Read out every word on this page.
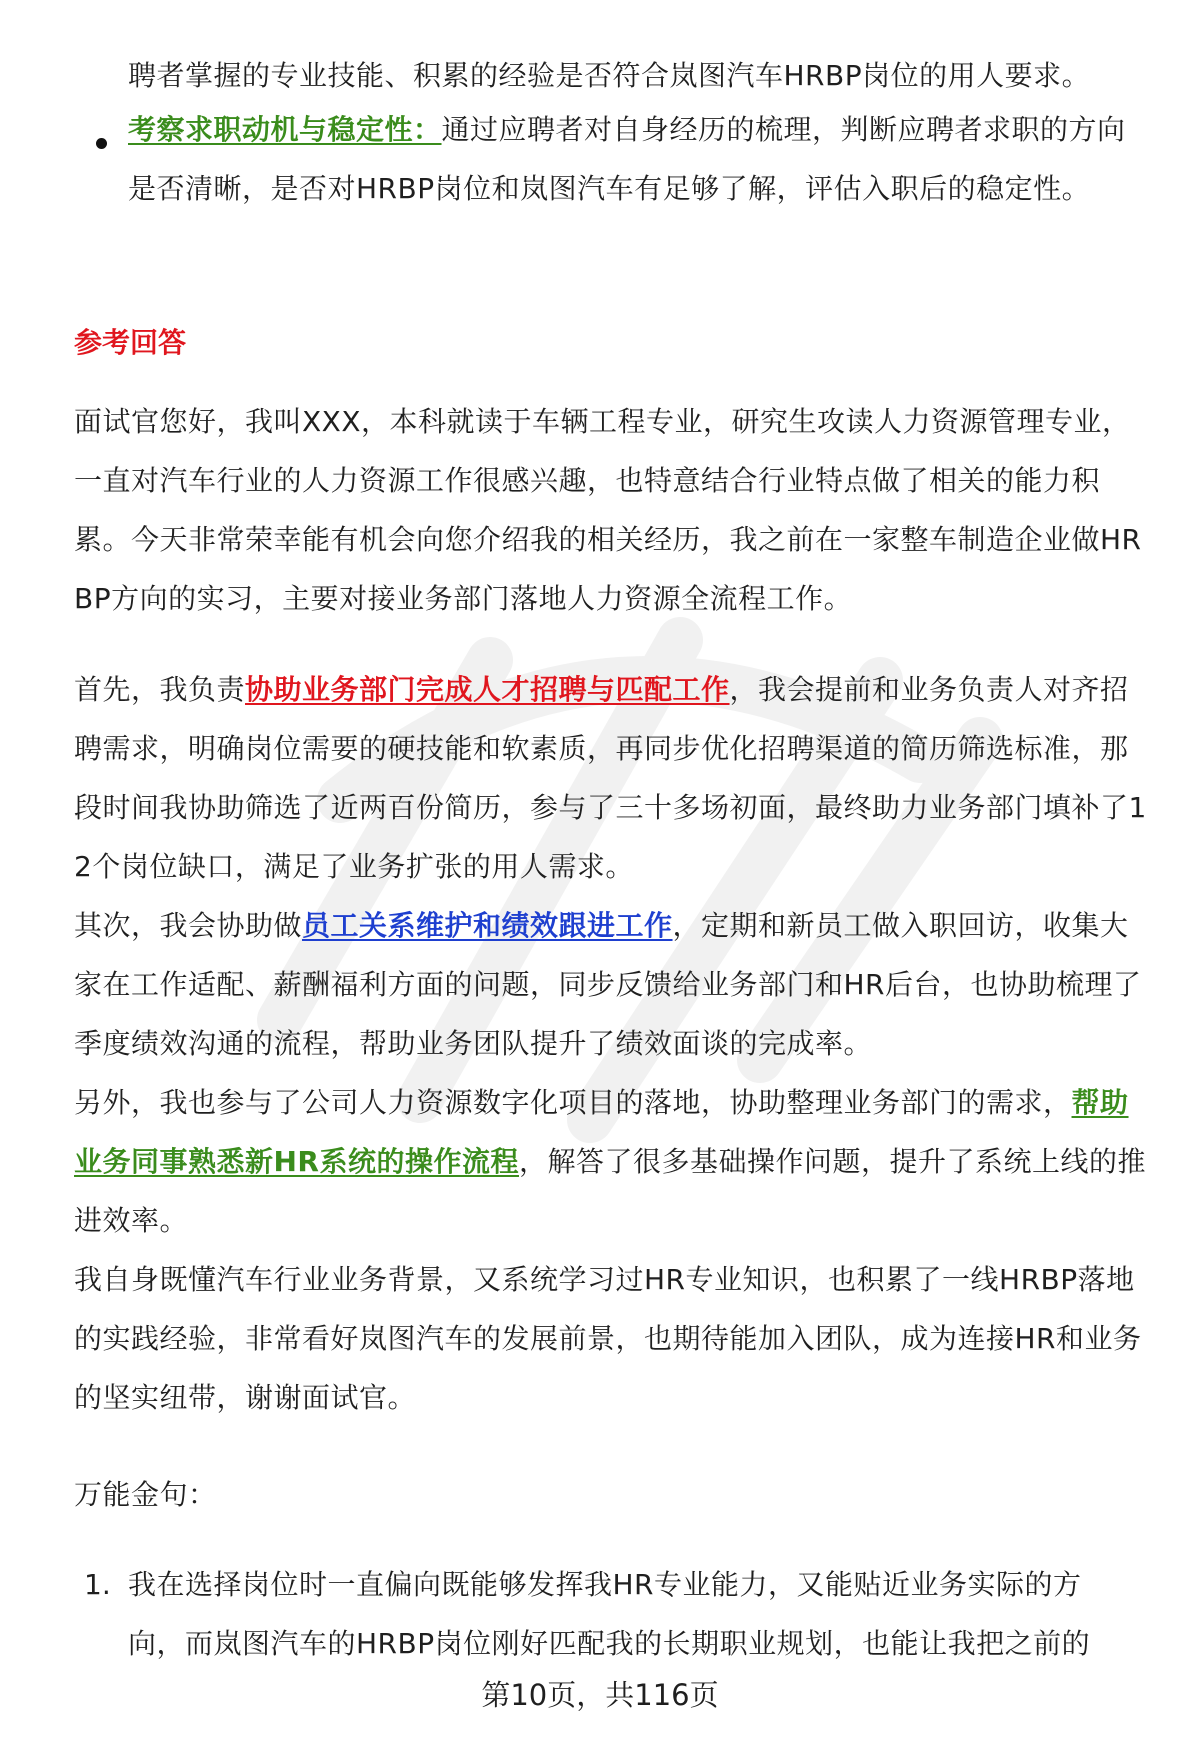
聘者掌握的专业技能、积累的经验是否符合岚图汽车HRBP岗位的用人要求。

考察求职动机与稳定性：通过应聘者对自身经历的梳理，判断应聘者求职的方向是否清晰，是否对HRBP岗位和岚图汽车有足够了解，评估入职后的稳定性。

参考回答

面试官您好，我叫XXX，本科就读于车辆工程专业，研究生攻读人力资源管理专业，一直对汽车行业的人力资源工作很感兴趣，也特意结合行业特点做了相关的能力积累。今天非常荣幸能有机会向您介绍我的相关经历，我之前在一家整车制造企业做HRBP方向的实习，主要对接业务部门落地人力资源全流程工作。

首先，我负责协助业务部门完成人才招聘与匹配工作，我会提前和业务负责人对齐招聘需求，明确岗位需要的硬技能和软素质，再同步优化招聘渠道的简历筛选标准，那段时间我协助筛选了近两百份简历，参与了三十多场初面，最终助力业务部门填补了12个岗位缺口，满足了业务扩张的用人需求。

其次，我会协助做员工关系维护和绩效跟进工作，定期和新员工做入职回访，收集大家在工作适配、薪酬福利方面的问题，同步反馈给业务部门和HR后台，也协助梳理了季度绩效沟通的流程，帮助业务团队提升了绩效面谈的完成率。

另外，我也参与了公司人力资源数字化项目的落地，协助整理业务部门的需求，帮助业务同事熟悉新HR系统的操作流程，解答了很多基础操作问题，提升了系统上线的推进效率。

我自身既懂汽车行业业务背景，又系统学习过HR专业知识，也积累了一线HRBP落地的实践经验，非常看好岚图汽车的发展前景，也期待能加入团队，成为连接HR和业务的坚实纽带，谢谢面试官。

万能金句：

1. 我在选择岗位时一直偏向既能够发挥我HR专业能力，又能贴近业务实际的方向，而岚图汽车的HRBP岗位刚好匹配我的长期职业规划，也能让我把之前的

第10页，共116页
